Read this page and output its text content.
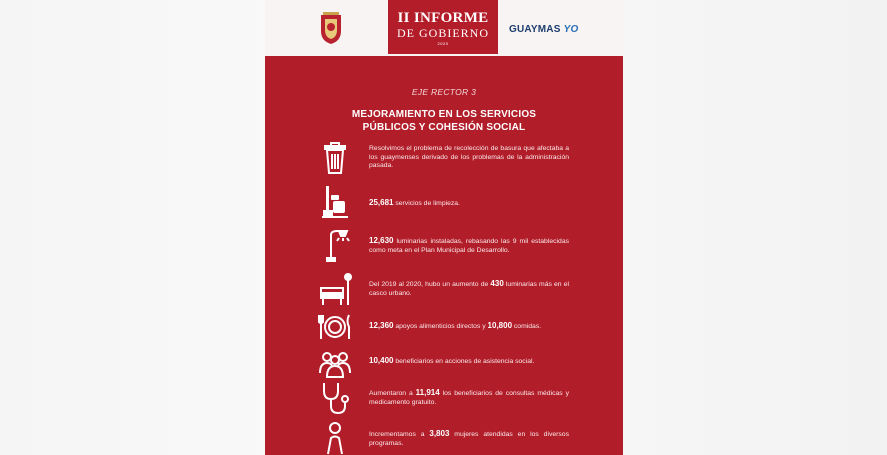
II INFORME
DE GOBIERNO
2020
GUAYMAS YO
EJE RECTOR 3
MEJORAMIENTO EN LOS SERVICIOS
PÚBLICOS Y COHESIÓN SOCIAL
Resolvimos el problema de recolección de basura que afectaba a los guaymenses derivado de los problemas de la administración pasada.
25,681 servicios de limpieza.
12,630 luminarias instaladas, rebasando las 9 mil establecidas como meta en el Plan Municipal de Desarrollo.
Del 2019 al 2020, hubo un aumento de 430 luminarias más en el casco urbano.
12,360 apoyos alimenticios directos y 10,800 comidas.
10,400 beneficiarios en acciones de asistencia social.
Aumentaron a 11,914 los beneficiarios de consultas médicas y medicamento gratuito.
Incrementamos a 3,803 mujeres atendidas en los diversos programas.
